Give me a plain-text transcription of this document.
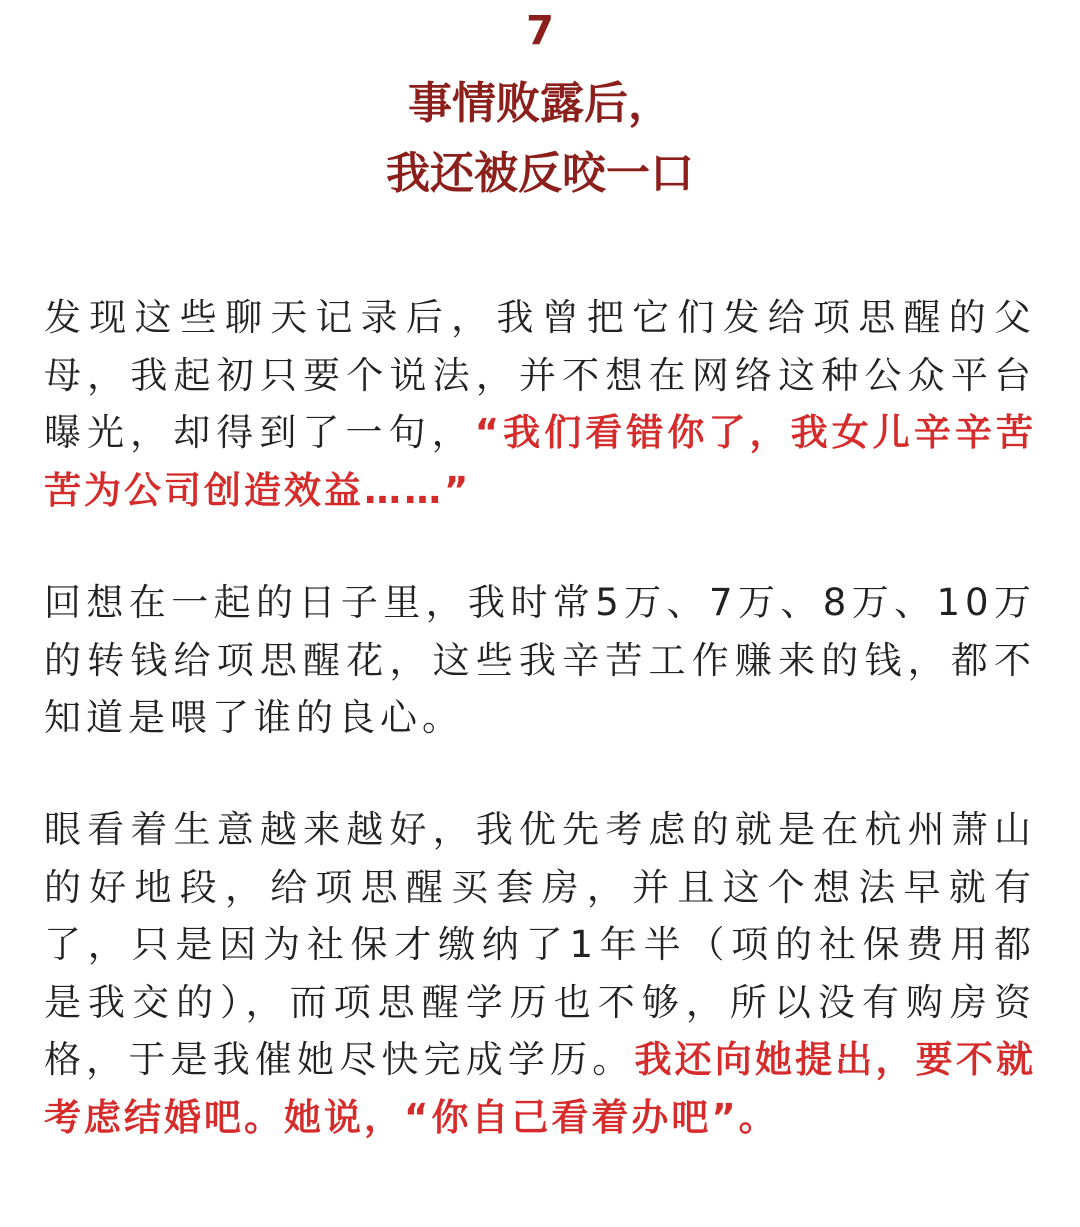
7
事情败露后，
我还被反咬一口

发现这些聊天记录后，我曾把它们发给项思醒的父母，我起初只要个说法，并不想在网络这种公众平台曝光，却得到了一句，“我们看错你了，我女儿辛辛苦苦为公司创造效益……”

回想在一起的日子里，我时常5万、7万、8万、10万的转钱给项思醒花，这些我辛苦工作赚来的钱，都不知道是喂了谁的良心。

眼看着生意越来越好，我优先考虑的就是在杭州萧山的好地段，给项思醒买套房，并且这个想法早就有了，只是因为社保才缴纳了1年半（项的社保费用都是我交的），而项思醒学历也不够，所以没有购房资格，于是我催她尽快完成学历。我还向她提出，要不就考虑结婚吧。她说，“你自己看着办吧”。
